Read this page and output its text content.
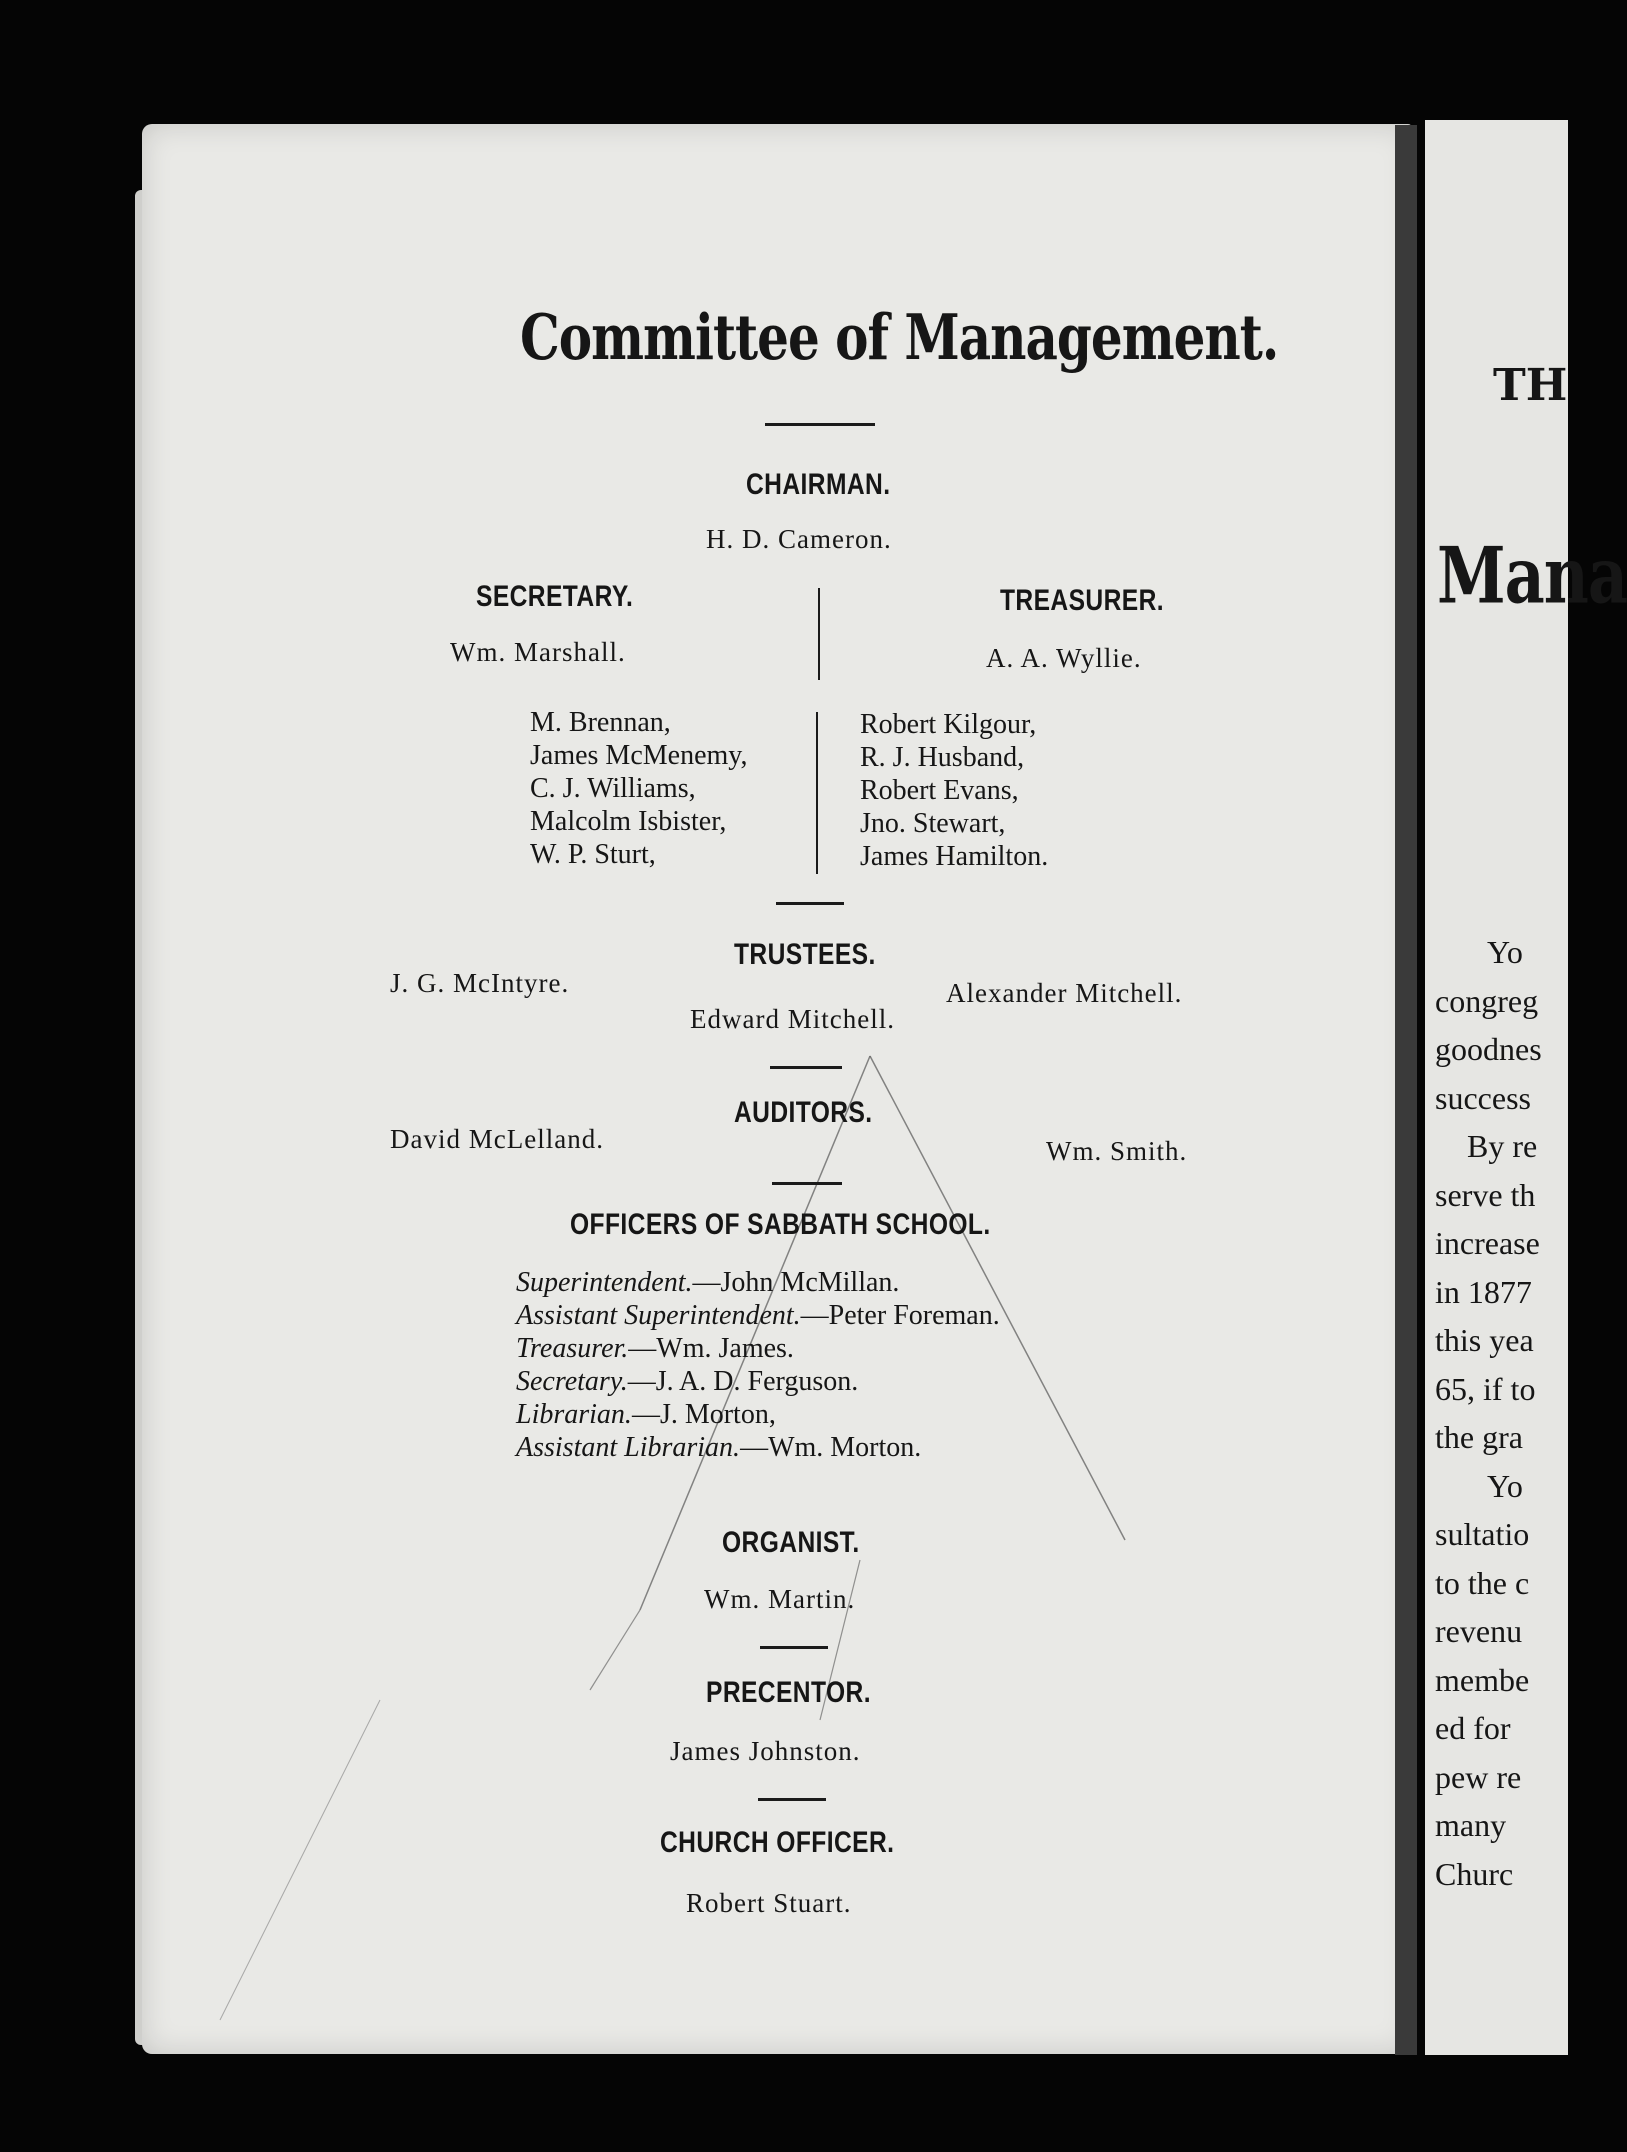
Committee of Management.
CHAIRMAN.
H. D. Cameron.
SECRETARY.
Wm. Marshall.
TREASURER.
A. A. Wyllie.
M. Brennan,
James McMenemy,
C. J. Williams,
Malcolm Isbister,
W. P. Sturt,
Robert Kilgour,
R. J. Husband,
Robert Evans,
Jno. Stewart,
James Hamilton.
TRUSTEES.
J. G. McIntyre.
Edward Mitchell.
Alexander Mitchell.
AUDITORS.
David McLelland.	Wm. Smith.
OFFICERS OF SABBATH SCHOOL.
Superintendent.—John McMillan.
Assistant Superintendent.—Peter Foreman.
Treasurer.—Wm. James.
Secretary.—J. A. D. Ferguson.
Librarian.—J. Morton,
Assistant Librarian.—Wm. Morton.
ORGANIST.
Wm. Martin.
PRECENTOR.
James Johnston.
CHURCH OFFICER.
Robert Stuart.
TH
Mana
Yo
congreg
goodnes
success
By re
serve th
increase
in 1877
this yea
65, if to
the gra
Yo
sultatio
to the c
revenu
membe
ed for
pew re
many
Churc
